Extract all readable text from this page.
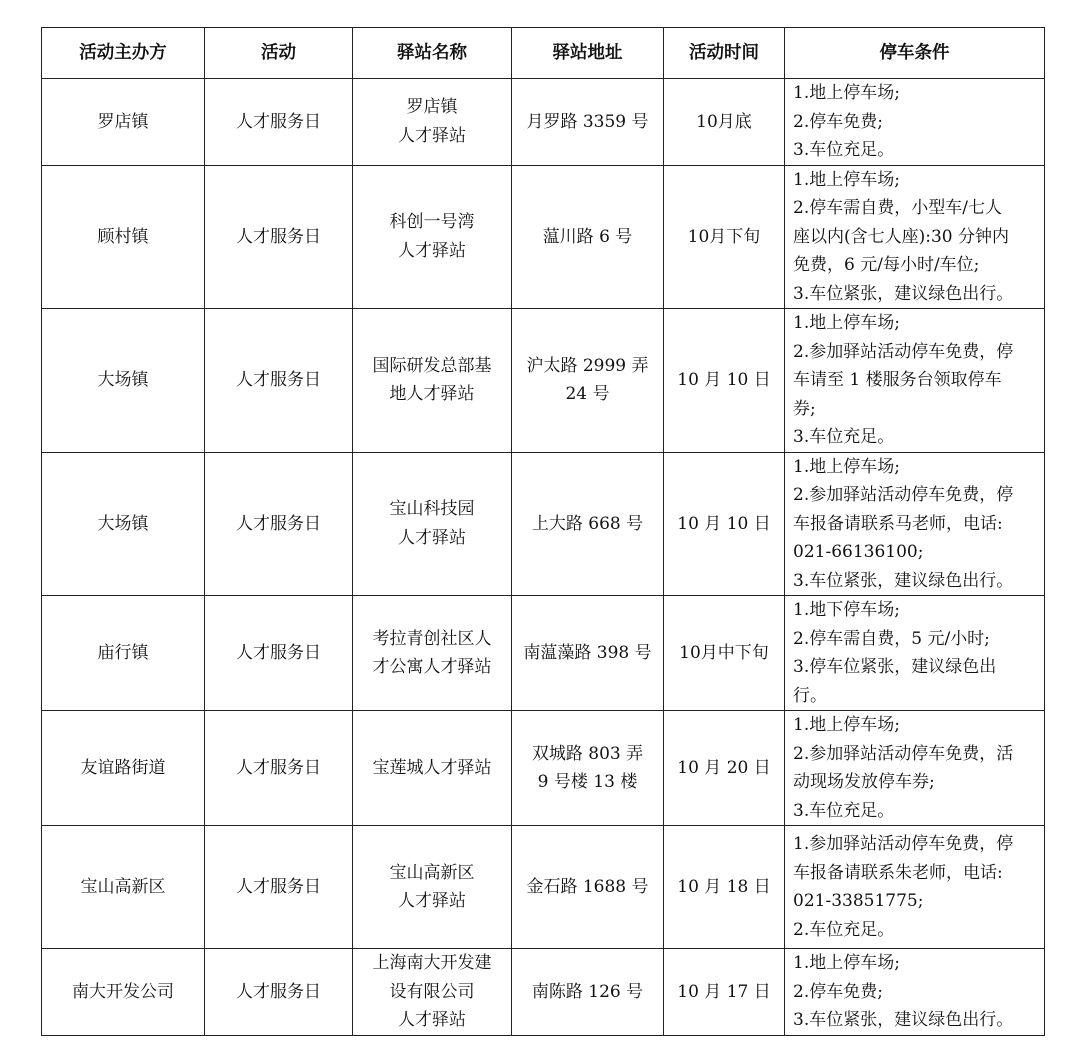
活动主办方	活动	驿站名称	驿站地址	活动时间	停车条件

罗店镇	人才服务日	罗店镇
人才驿站	月罗路 3359 号	10月底	1.地上停车场;
2.停车免费;
3.车位充足。

顾村镇	人才服务日	科创一号湾
人才驿站	蕰川路 6 号	10月下旬	1.地上停车场;
2.停车需自费，小型车/七人
座以内(含七人座):30 分钟内
免费，6 元/每小时/车位;
3.车位紧张，建议绿色出行。

大场镇	人才服务日	国际研发总部基
地人才驿站	沪太路 2999 弄
24 号	10 月 10 日	1.地上停车场;
2.参加驿站活动停车免费，停
车请至 1 楼服务台领取停车
券;
3.车位充足。

大场镇	人才服务日	宝山科技园
人才驿站	上大路 668 号	10 月 10 日	1.地上停车场;
2.参加驿站活动停车免费，停
车报备请联系马老师，电话:
021-66136100;
3.车位紧张，建议绿色出行。

庙行镇	人才服务日	考拉青创社区人
才公寓人才驿站	南蕰藻路 398 号	10月中下旬	1.地下停车场;
2.停车需自费，5 元/小时;
3.停车位紧张，建议绿色出
行。

友谊路街道	人才服务日	宝莲城人才驿站	双城路 803 弄
9 号楼 13 楼	10 月 20 日	1.地上停车场;
2.参加驿站活动停车免费，活
动现场发放停车券;
3.车位充足。

宝山高新区	人才服务日	宝山高新区
人才驿站	金石路 1688 号	10 月 18 日	1.参加驿站活动停车免费，停
车报备请联系朱老师，电话:
021-33851775;
2.车位充足。

南大开发公司	人才服务日	上海南大开发建
设有限公司
人才驿站	南陈路 126 号	10 月 17 日	1.地上停车场;
2.停车免费;
3.车位紧张，建议绿色出行。
